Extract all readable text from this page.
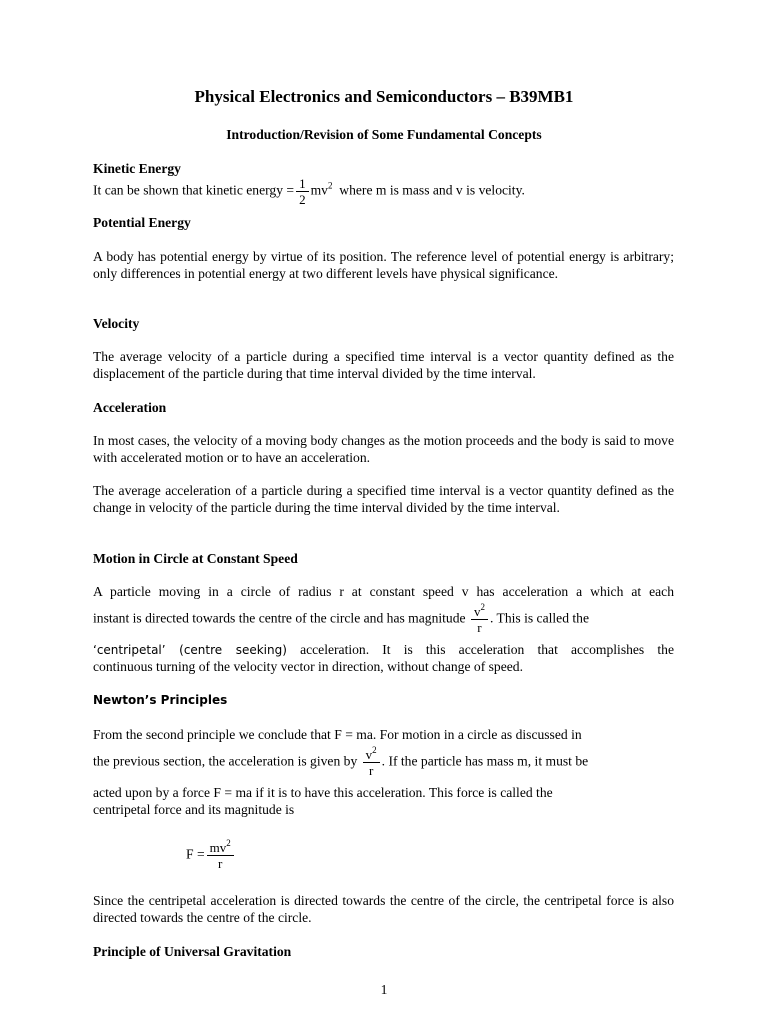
Physical Electronics and Semiconductors – B39MB1
Introduction/Revision of Some Fundamental Concepts
Kinetic Energy
It can be shown that kinetic energy = $\frac{1}{2} mv^2$ where m is mass and v is velocity.
Potential Energy
A body has potential energy by virtue of its position. The reference level of potential energy is arbitrary; only differences in potential energy at two different levels have physical significance.
Velocity
The average velocity of a particle during a specified time interval is a vector quantity defined as the displacement of the particle during that time interval divided by the time interval.
Acceleration
In most cases, the velocity of a moving body changes as the motion proceeds and the body is said to move with accelerated motion or to have an acceleration.
The average acceleration of a particle during a specified time interval is a vector quantity defined as the change in velocity of the particle during the time interval divided by the time interval.
Motion in Circle at Constant Speed
A particle moving in a circle of radius r at constant speed v has acceleration a which at each
instant is directed towards the centre of the circle and has magnitude $\frac{v^2}{r}$ . This is called the
‘centripetal’ (centre seeking) acceleration. It is this acceleration that accomplishes the
continuous turning of the velocity vector in direction, without change of speed.
Newton’s Principles
From the second principle we conclude that F = ma. For motion in a circle as discussed in
the previous section, the acceleration is given by $\frac{v^2}{r}$ . If the particle has mass m, it must be
acted upon by a force F = ma if it is to have this acceleration. This force is called the
centripetal force and its magnitude is
$F = \frac{mv^2}{r}$
Since the centripetal acceleration is directed towards the centre of the circle, the centripetal force is also directed towards the centre of the circle.
Principle of Universal Gravitation
1
